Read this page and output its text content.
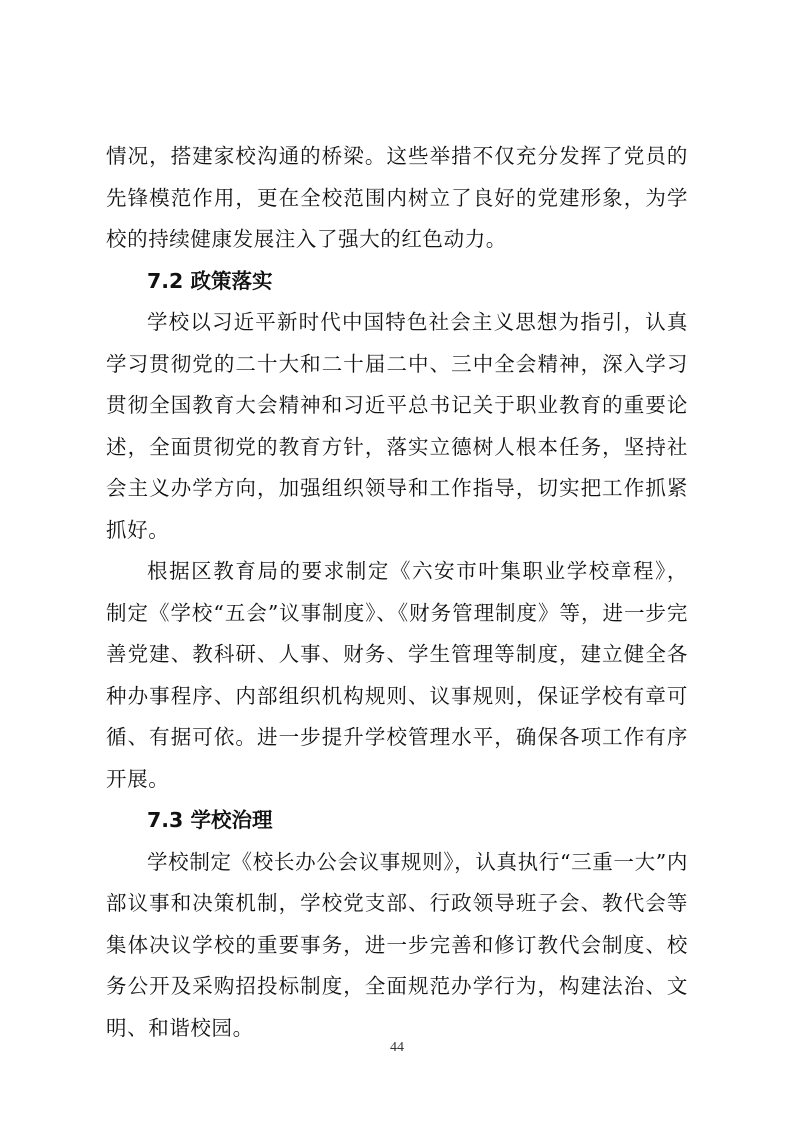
情况，搭建家校沟通的桥梁。这些举措不仅充分发挥了党员的
先锋模范作用，更在全校范围内树立了良好的党建形象，为学
校的持续健康发展注入了强大的红色动力。
7.2 政策落实
学校以习近平新时代中国特色社会主义思想为指引，认真
学习贯彻党的二十大和二十届二中、三中全会精神，深入学习
贯彻全国教育大会精神和习近平总书记关于职业教育的重要论
述，全面贯彻党的教育方针，落实立德树人根本任务，坚持社
会主义办学方向，加强组织领导和工作指导，切实把工作抓紧
抓好。
根据区教育局的要求制定《六安市叶集职业学校章程》，
制定《学校“五会”议事制度》、《财务管理制度》等，进一步完
善党建、教科研、人事、财务、学生管理等制度，建立健全各
种办事程序、内部组织机构规则、议事规则，保证学校有章可
循、有据可依。进一步提升学校管理水平，确保各项工作有序
开展。
7.3 学校治理
学校制定《校长办公会议事规则》，认真执行“三重一大”内
部议事和决策机制，学校党支部、行政领导班子会、教代会等
集体决议学校的重要事务，进一步完善和修订教代会制度、校
务公开及采购招投标制度，全面规范办学行为，构建法治、文
明、和谐校园。
44
